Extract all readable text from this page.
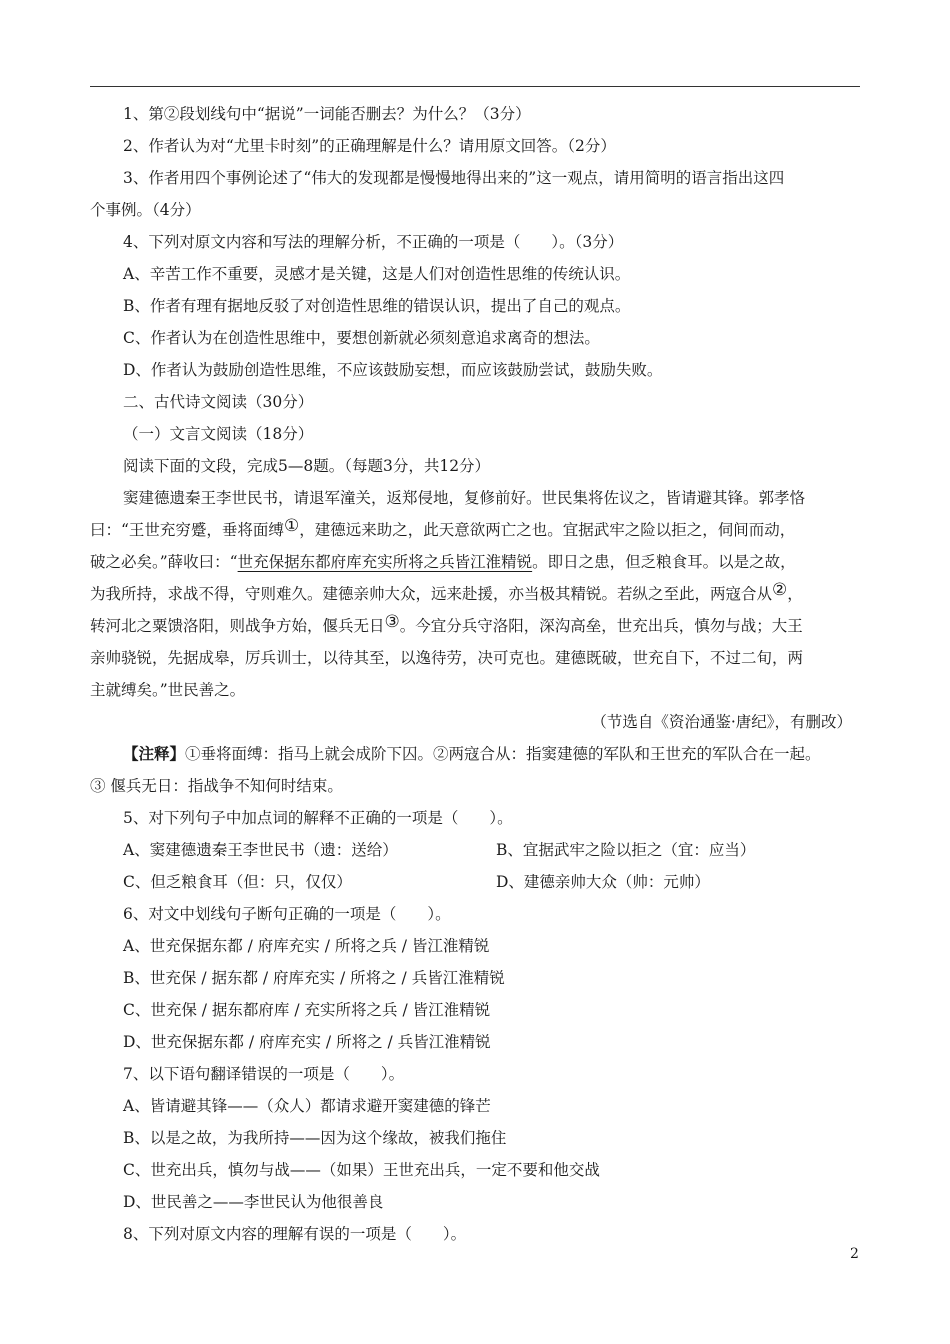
1、第②段划线句中“据说”一词能否删去？为什么？（3分）
2、作者认为对“尤里卡时刻”的正确理解是什么？请用原文回答。（2分）
3、作者用四个事例论述了“伟大的发现都是慢慢地得出来的”这一观点，请用简明的语言指出这四
个事例。（4分）
4、下列对原文内容和写法的理解分析，不正确的一项是（　　）。（3分）
A、辛苦工作不重要，灵感才是关键，这是人们对创造性思维的传统认识。
B、作者有理有据地反驳了对创造性思维的错误认识，提出了自己的观点。
C、作者认为在创造性思维中，要想创新就必须刻意追求离奇的想法。
D、作者认为鼓励创造性思维，不应该鼓励妄想，而应该鼓励尝试，鼓励失败。
二、古代诗文阅读（30分）
（一）文言文阅读（18分）
阅读下面的文段，完成5—8题。（每题3分，共12分）
窦建德遗秦王李世民书，请退军潼关，返郑侵地，复修前好。世民集将佐议之，皆请避其锋。郭孝恪
曰：“王世充穷蹙，垂将面缚①，建德远来助之，此天意欲两亡之也。宜据武牢之险以拒之，伺间而动，
破之必矣。”薛收曰：“世充保据东都府库充实所将之兵皆江淮精锐。即日之患，但乏粮食耳。以是之故，
为我所持，求战不得，守则难久。建德亲帅大众，远来赴援，亦当极其精锐。若纵之至此，两寇合从②，
转河北之粟馈洛阳，则战争方始，偃兵无日③。今宜分兵守洛阳，深沟高垒，世充出兵，慎勿与战；大王
亲帅骁锐，先据成皋，厉兵训士，以待其至，以逸待劳，决可克也。建德既破，世充自下，不过二旬，两
主就缚矣。”世民善之。
（节选自《资治通鉴·唐纪》，有删改）
【注释】①垂将面缚：指马上就会成阶下囚。②两寇合从：指窦建德的军队和王世充的军队合在一起。
③ 偃兵无日：指战争不知何时结束。
5、对下列句子中加点词的解释不正确的一项是（　　）。
A、窦建德遗秦王李世民书（遗：送给）	B、宜据武牢之险以拒之（宜：应当）
C、但乏粮食耳（但：只，仅仅）	D、建德亲帅大众（帅：元帅）
6、对文中划线句子断句正确的一项是（　　）。
A、世充保据东都 / 府库充实 / 所将之兵 / 皆江淮精锐
B、世充保 / 据东都 / 府库充实 / 所将之 / 兵皆江淮精锐
C、世充保 / 据东都府库 / 充实所将之兵 / 皆江淮精锐
D、世充保据东都 / 府库充实 / 所将之 / 兵皆江淮精锐
7、以下语句翻译错误的一项是（　　）。
A、皆请避其锋——（众人）都请求避开窦建德的锋芒
B、以是之故，为我所持——因为这个缘故，被我们拖住
C、世充出兵，慎勿与战——（如果）王世充出兵，一定不要和他交战
D、世民善之——李世民认为他很善良
8、下列对原文内容的理解有误的一项是（　　）。
2
